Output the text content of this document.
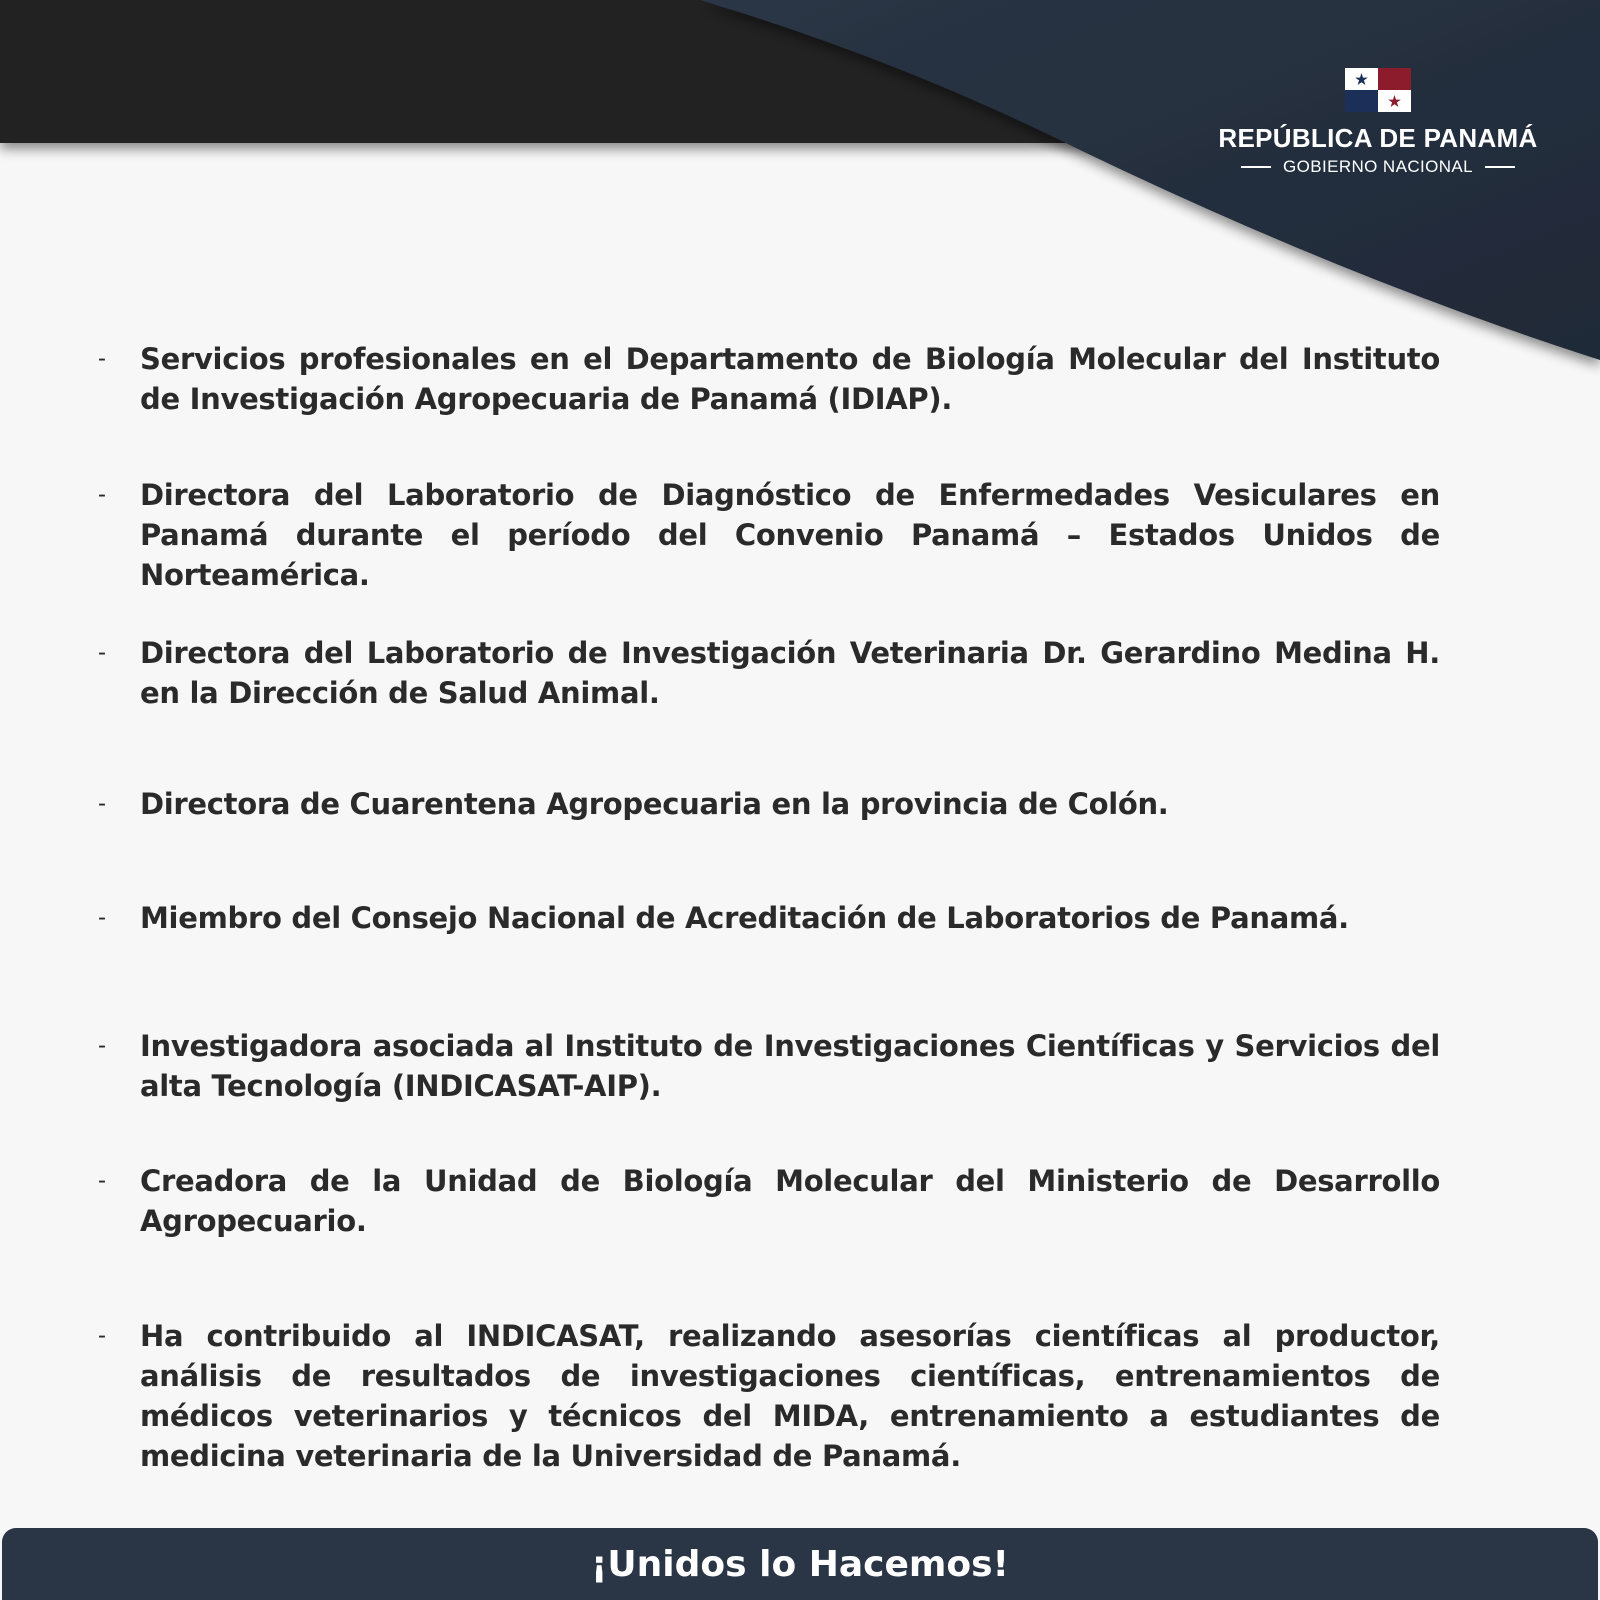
REPÚBLICA DE PANAMÁ
GOBIERNO NACIONAL
-	Servicios profesionales en el Departamento de Biología Molecular del Instituto de Investigación Agropecuaria de Panamá (IDIAP).
-	Directora del Laboratorio de Diagnóstico de Enfermedades Vesiculares en Panamá durante el período del Convenio Panamá – Estados Unidos de Norteamérica.
-	Directora del Laboratorio de Investigación Veterinaria Dr. Gerardino Medina H. en la Dirección de Salud Animal.
-	Directora de Cuarentena Agropecuaria en la provincia de Colón.
-	Miembro del Consejo Nacional de Acreditación de Laboratorios de Panamá.
-	Investigadora asociada al Instituto de Investigaciones Científicas y Servicios del alta Tecnología (INDICASAT-AIP).
-	Creadora de la Unidad de Biología Molecular del Ministerio de Desarrollo Agropecuario.
-	Ha contribuido al INDICASAT, realizando asesorías científicas al productor, análisis de resultados de investigaciones científicas, entrenamientos de médicos veterinarios y técnicos del MIDA, entrenamiento a estudiantes de medicina veterinaria de la Universidad de Panamá.
¡Unidos lo Hacemos!
